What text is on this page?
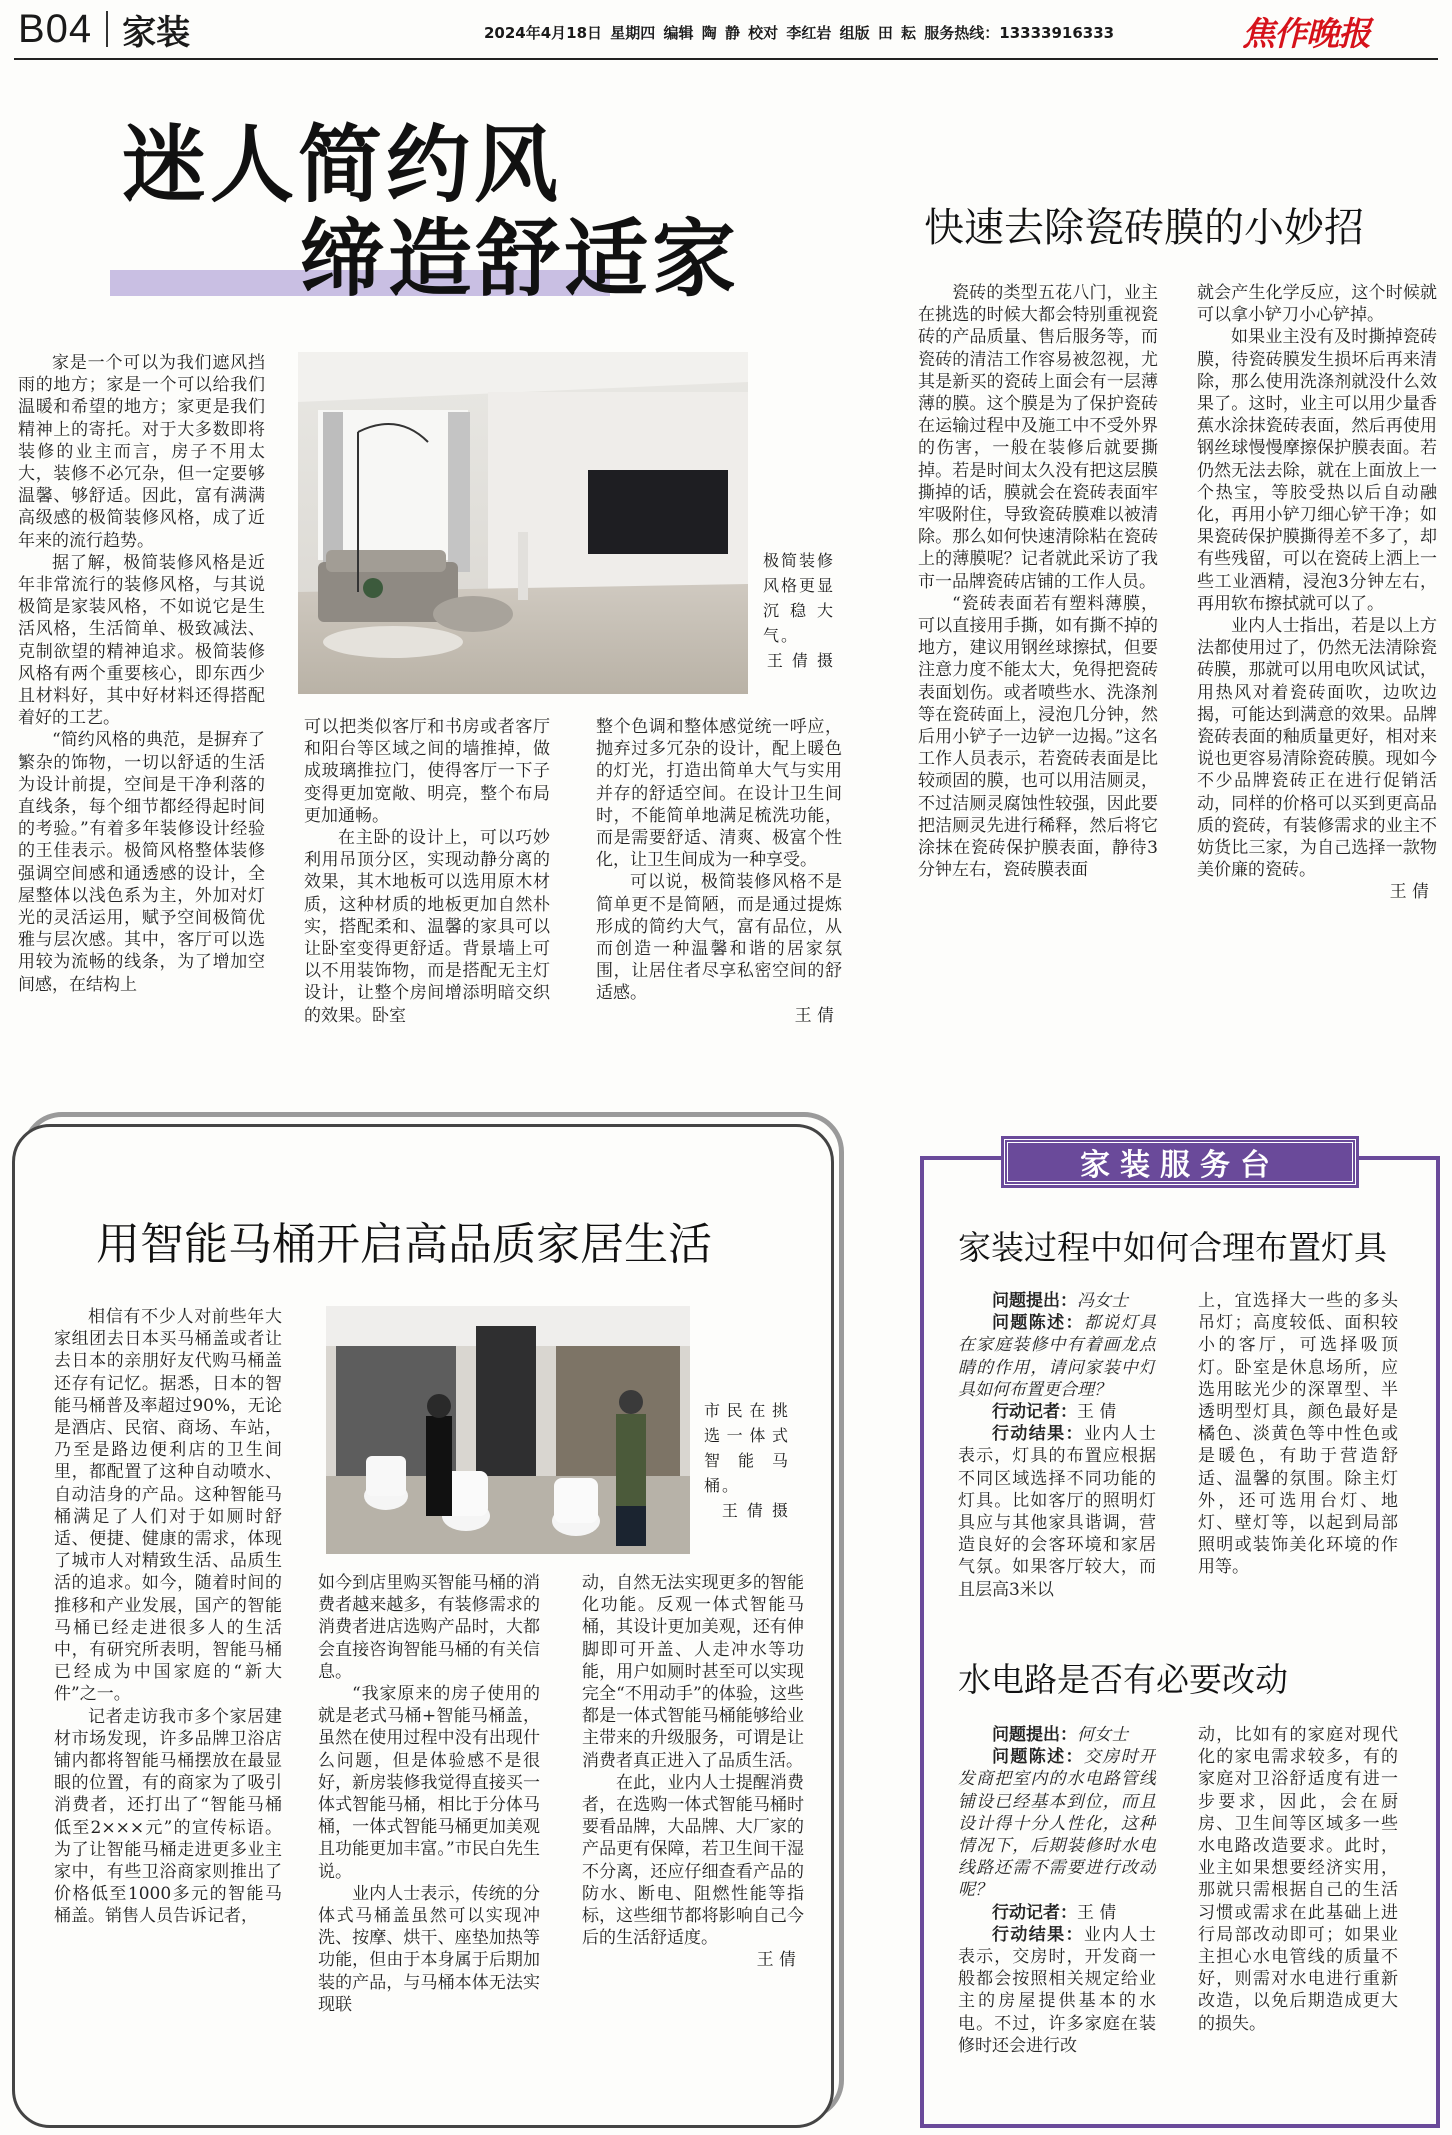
B04 家装	2024年4月18日 星期四 编辑 陶 静 校对 李红岩 组版 田 耘 服务热线：13333916333	焦作晚报
迷人简约风
缔造舒适家
极简装修风格更显沉稳大气。
王 倩 摄

家是一个可以为我们遮风挡雨的地方；家是一个可以给我们温暖和希望的地方；家更是我们精神上的寄托。对于大多数即将装修的业主而言，房子不用太大，装修不必冗杂，但一定要够温馨、够舒适。因此，富有满满高级感的极简装修风格，成了近年来的流行趋势。

据了解，极简装修风格是近年非常流行的装修风格，与其说极简是家装风格，不如说它是生活风格，生活简单、极致减法、克制欲望的精神追求。极简装修风格有两个重要核心，即东西少且材料好，其中好材料还得搭配着好的工艺。

“简约风格的典范，是摒弃了繁杂的饰物，一切以舒适的生活为设计前提，空间是干净利落的直线条，每个细节都经得起时间的考验。”有着多年装修设计经验的王佳表示。极简风格整体装修强调空间感和通透感的设计，全屋整体以浅色系为主，外加对灯光的灵活运用，赋予空间极简优雅与层次感。其中，客厅可以选用较为流畅的线条，为了增加空间感，在结构上

可以把类似客厅和书房或者客厅和阳台等区域之间的墙推掉，做成玻璃推拉门，使得客厅一下子变得更加宽敞、明亮，整个布局更加通畅。

在主卧的设计上，可以巧妙利用吊顶分区，实现动静分离的效果，其木地板可以选用原木材质，这种材质的地板更加自然朴实，搭配柔和、温馨的家具可以让卧室变得更舒适。背景墙上可以不用装饰物，而是搭配无主灯设计，让整个房间增添明暗交织的效果。卧室

整个色调和整体感觉统一呼应，抛弃过多冗杂的设计，配上暖色的灯光，打造出简单大气与实用并存的舒适空间。在设计卫生间时，不能简单地满足梳洗功能，而是需要舒适、清爽、极富个性化，让卫生间成为一种享受。

可以说，极简装修风格不是简单更不是简陋，而是通过提炼形成的简约大气，富有品位，从而创造一种温馨和谐的居家氛围，让居住者尽享私密空间的舒适感。

王 倩
快速去除瓷砖膜的小妙招

瓷砖的类型五花八门，业主在挑选的时候大都会特别重视瓷砖的产品质量、售后服务等，而瓷砖的清洁工作容易被忽视，尤其是新买的瓷砖上面会有一层薄薄的膜。这个膜是为了保护瓷砖在运输过程中及施工中不受外界的伤害，一般在装修后就要撕掉。若是时间太久没有把这层膜撕掉的话，膜就会在瓷砖表面牢牢吸附住，导致瓷砖膜难以被清除。那么如何快速清除粘在瓷砖上的薄膜呢？记者就此采访了我市一品牌瓷砖店铺的工作人员。

“瓷砖表面若有塑料薄膜，可以直接用手撕，如有撕不掉的地方，建议用钢丝球擦拭，但要注意力度不能太大，免得把瓷砖表面划伤。或者喷些水、洗涤剂等在瓷砖面上，浸泡几分钟，然后用小铲子一边铲一边揭。”这名工作人员表示，若瓷砖表面是比较顽固的膜，也可以用洁厕灵，不过洁厕灵腐蚀性较强，因此要把洁厕灵先进行稀释，然后将它涂抹在瓷砖保护膜表面，静待3分钟左右，瓷砖膜表面

就会产生化学反应，这个时候就可以拿小铲刀小心铲掉。

如果业主没有及时撕掉瓷砖膜，待瓷砖膜发生损坏后再来清除，那么使用洗涤剂就没什么效果了。这时，业主可以用少量香蕉水涂抹瓷砖表面，然后再使用钢丝球慢慢摩擦保护膜表面。若仍然无法去除，就在上面放上一个热宝，等胶受热以后自动融化，再用小铲刀细心铲干净；如果瓷砖保护膜撕得差不多了，却有些残留，可以在瓷砖上洒上一些工业酒精，浸泡3分钟左右，再用软布擦拭就可以了。

业内人士指出，若是以上方法都使用过了，仍然无法清除瓷砖膜，那就可以用电吹风试试，用热风对着瓷砖面吹，边吹边揭，可能达到满意的效果。品牌瓷砖表面的釉质量更好，相对来说也更容易清除瓷砖膜。现如今不少品牌瓷砖正在进行促销活动，同样的价格可以买到更高品质的瓷砖，有装修需求的业主不妨货比三家，为自己选择一款物美价廉的瓷砖。

王 倩
用智能马桶开启高品质家居生活
市民在挑选一体式智能马桶。
王 倩 摄

相信有不少人对前些年大家组团去日本买马桶盖或者让去日本的亲朋好友代购马桶盖还存有记忆。据悉，日本的智能马桶普及率超过90%，无论是酒店、民宿、商场、车站，乃至是路边便利店的卫生间里，都配置了这种自动喷水、自动洁身的产品。这种智能马桶满足了人们对于如厕时舒适、便捷、健康的需求，体现了城市人对精致生活、品质生活的追求。如今，随着时间的推移和产业发展，国产的智能马桶已经走进很多人的生活中，有研究所表明，智能马桶已经成为中国家庭的“新大件”之一。

记者走访我市多个家居建材市场发现，许多品牌卫浴店铺内都将智能马桶摆放在最显眼的位置，有的商家为了吸引消费者，还打出了“智能马桶低至2×××元”的宣传标语。为了让智能马桶走进更多业主家中，有些卫浴商家则推出了价格低至1000多元的智能马桶盖。销售人员告诉记者，

如今到店里购买智能马桶的消费者越来越多，有装修需求的消费者进店选购产品时，大都会直接咨询智能马桶的有关信息。

“我家原来的房子使用的就是老式马桶+智能马桶盖，虽然在使用过程中没有出现什么问题，但是体验感不是很好，新房装修我觉得直接买一体式智能马桶，相比于分体马桶，一体式智能马桶更加美观且功能更加丰富。”市民白先生说。

业内人士表示，传统的分体式马桶盖虽然可以实现冲洗、按摩、烘干、座垫加热等功能，但由于本身属于后期加装的产品，与马桶本体无法实现联

动，自然无法实现更多的智能化功能。反观一体式智能马桶，其设计更加美观，还有伸脚即可开盖、人走冲水等功能，用户如厕时甚至可以实现完全“不用动手”的体验，这些都是一体式智能马桶能够给业主带来的升级服务，可谓是让消费者真正进入了品质生活。

在此，业内人士提醒消费者，在选购一体式智能马桶时要看品牌，大品牌、大厂家的产品更有保障，若卫生间干湿不分离，还应仔细查看产品的防水、断电、阻燃性能等指标，这些细节都将影响自己今后的生活舒适度。

王 倩
家装服务台
家装过程中如何合理布置灯具

问题提出：冯女士

问题陈述：都说灯具在家庭装修中有着画龙点睛的作用，请问家装中灯具如何布置更合理？

行动记者：王 倩

行动结果：业内人士表示，灯具的布置应根据不同区域选择不同功能的灯具。比如客厅的照明灯具应与其他家具谐调，营造良好的会客环境和家居气氛。如果客厅较大，而且层高3米以

上，宜选择大一些的多头吊灯；高度较低、面积较小的客厅，可选择吸顶灯。卧室是休息场所，应选用眩光少的深罩型、半透明型灯具，颜色最好是橘色、淡黄色等中性色或是暖色，有助于营造舒适、温馨的氛围。除主灯外，还可选用台灯、地灯、壁灯等，以起到局部照明或装饰美化环境的作用等。
水电路是否有必要改动

问题提出：何女士

问题陈述：交房时开发商把室内的水电路管线铺设已经基本到位，而且设计得十分人性化，这种情况下，后期装修时水电线路还需不需要进行改动呢？

行动记者：王 倩

行动结果：业内人士表示，交房时，开发商一般都会按照相关规定给业主的房屋提供基本的水电。不过，许多家庭在装修时还会进行改

动，比如有的家庭对现代化的家电需求较多，有的家庭对卫浴舒适度有进一步要求，因此，会在厨房、卫生间等区域多一些水电路改造要求。此时，业主如果想要经济实用，那就只需根据自己的生活习惯或需求在此基础上进行局部改动即可；如果业主担心水电管线的质量不好，则需对水电进行重新改造，以免后期造成更大的损失。
